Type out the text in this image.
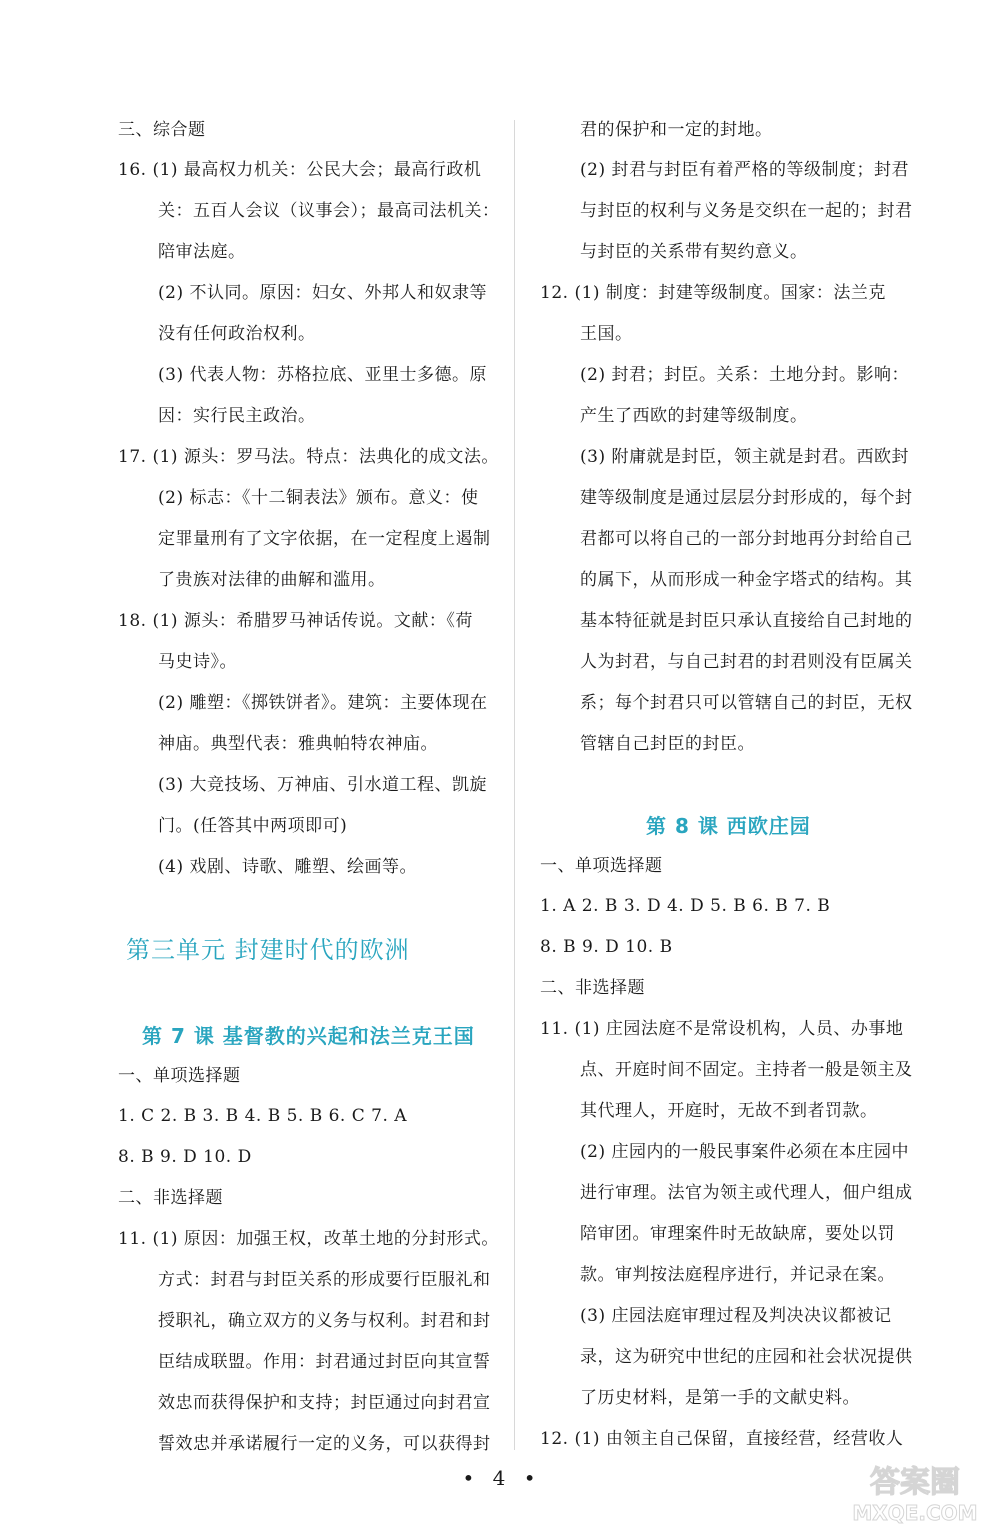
三、综合题
16. (1) 最高权力机关：公民大会；最高行政机
关：五百人会议（议事会）；最高司法机关：
陪审法庭。
(2) 不认同。原因：妇女、外邦人和奴隶等
没有任何政治权利。
(3) 代表人物：苏格拉底、亚里士多德。原
因：实行民主政治。
17. (1) 源头：罗马法。特点：法典化的成文法。
(2) 标志：《十二铜表法》颁布。意义：使
定罪量刑有了文字依据，在一定程度上遏制
了贵族对法律的曲解和滥用。
18. (1) 源头：希腊罗马神话传说。文献：《荷
马史诗》。
(2) 雕塑：《掷铁饼者》。建筑：主要体现在
神庙。典型代表：雅典帕特农神庙。
(3) 大竞技场、万神庙、引水道工程、凯旋
门。(任答其中两项即可)
(4) 戏剧、诗歌、雕塑、绘画等。
第三单元 封建时代的欧洲
第 7 课 基督教的兴起和法兰克王国
一、单项选择题
1. C 2. B 3. B 4. B 5. B 6. C 7. A
8. B 9. D 10. D
二、非选择题
11. (1) 原因：加强王权，改革土地的分封形式。
方式：封君与封臣关系的形成要行臣服礼和
授职礼，确立双方的义务与权利。封君和封
臣结成联盟。作用：封君通过封臣向其宣誓
效忠而获得保护和支持；封臣通过向封君宣
誓效忠并承诺履行一定的义务，可以获得封
君的保护和一定的封地。
(2) 封君与封臣有着严格的等级制度；封君
与封臣的权利与义务是交织在一起的；封君
与封臣的关系带有契约意义。
12. (1) 制度：封建等级制度。国家：法兰克
王国。
(2) 封君；封臣。关系：土地分封。影响：
产生了西欧的封建等级制度。
(3) 附庸就是封臣，领主就是封君。西欧封
建等级制度是通过层层分封形成的，每个封
君都可以将自己的一部分封地再分封给自己
的属下，从而形成一种金字塔式的结构。其
基本特征就是封臣只承认直接给自己封地的
人为封君，与自己封君的封君则没有臣属关
系；每个封君只可以管辖自己的封臣，无权
管辖自己封臣的封臣。
第 8 课 西欧庄园
一、单项选择题
1. A 2. B 3. D 4. D 5. B 6. B 7. B
8. B 9. D 10. B
二、非选择题
11. (1) 庄园法庭不是常设机构，人员、办事地
点、开庭时间不固定。主持者一般是领主及
其代理人，开庭时，无故不到者罚款。
(2) 庄园内的一般民事案件必须在本庄园中
进行审理。法官为领主或代理人，佃户组成
陪审团。审理案件时无故缺席，要处以罚
款。审判按法庭程序进行，并记录在案。
(3) 庄园法庭审理过程及判决决议都被记
录，这为研究中世纪的庄园和社会状况提供
了历史材料，是第一手的文献史料。
12. (1) 由领主自己保留，直接经营，经营收人
• 4 •	答案圈
MXQE.COM
